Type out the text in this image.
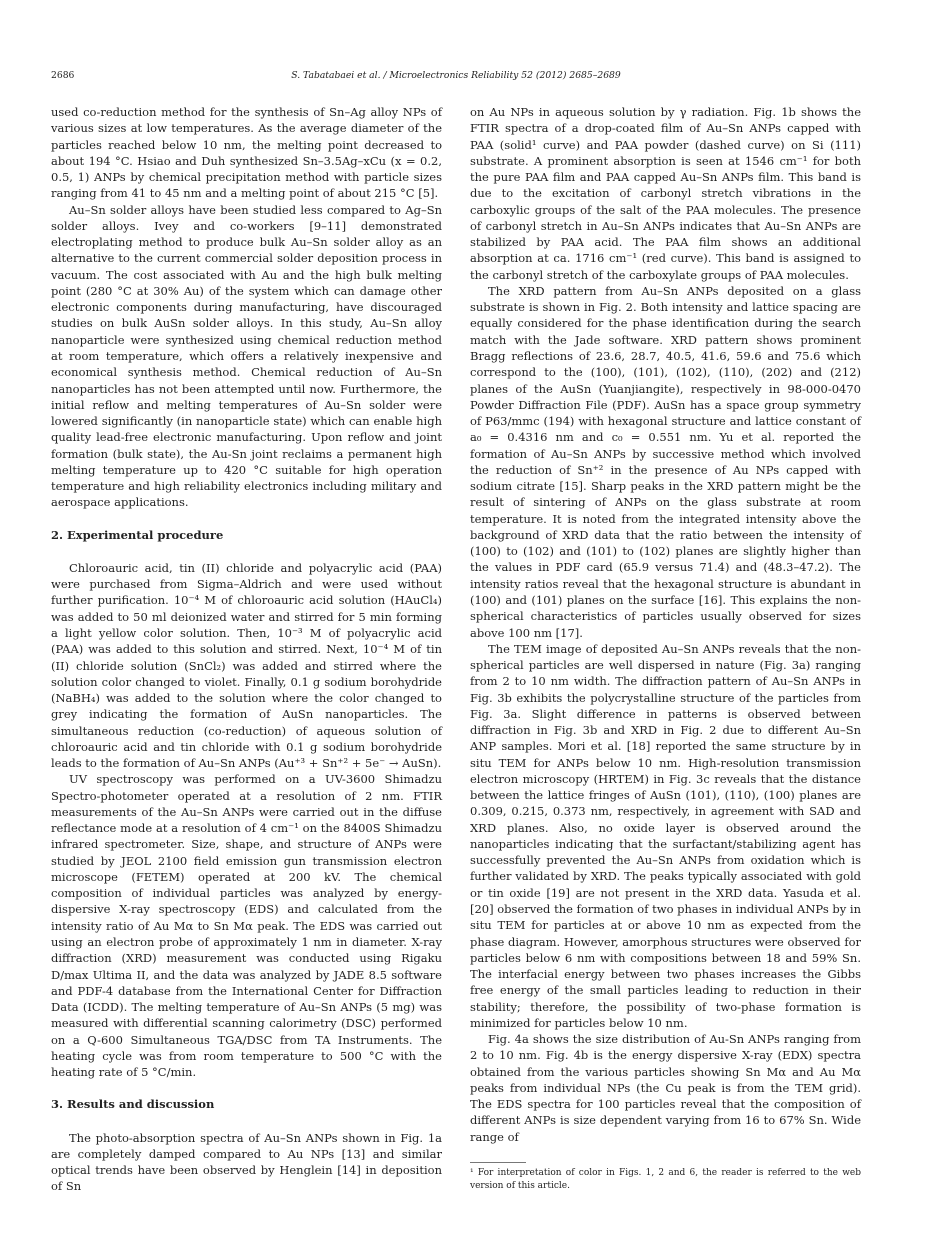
2686	S. Tabatabaei et al. / Microelectronics Reliability 52 (2012) 2685–2689

used co-reduction method for the synthesis of Sn–Ag alloy NPs of various sizes at low temperatures. As the average diameter of the particles reached below 10 nm, the melting point decreased to about 194 °C. Hsiao and Duh synthesized Sn–3.5Ag–xCu (x = 0.2, 0.5, 1) ANPs by chemical precipitation method with particle sizes ranging from 41 to 45 nm and a melting point of about 215 °C [5].

Au–Sn solder alloys have been studied less compared to Ag–Sn solder alloys. Ivey and co-workers [9–11] demonstrated electroplating method to produce bulk Au–Sn solder alloy as an alternative to the current commercial solder deposition process in vacuum. The cost associated with Au and the high bulk melting point (280 °C at 30% Au) of the system which can damage other electronic components during manufacturing, have discouraged studies on bulk AuSn solder alloys. In this study, Au–Sn alloy nanoparticle were synthesized using chemical reduction method at room temperature, which offers a relatively inexpensive and economical synthesis method. Chemical reduction of Au–Sn nanoparticles has not been attempted until now. Furthermore, the initial reflow and melting temperatures of Au–Sn solder were lowered significantly (in nanoparticle state) which can enable high quality lead-free electronic manufacturing. Upon reflow and joint formation (bulk state), the Au-Sn joint reclaims a permanent high melting temperature up to 420 °C suitable for high operation temperature and high reliability electronics including military and aerospace applications.

2. Experimental procedure

Chloroauric acid, tin (II) chloride and polyacrylic acid (PAA) were purchased from Sigma–Aldrich and were used without further purification. 10⁻⁴ M of chloroauric acid solution (HAuCl₄) was added to 50 ml deionized water and stirred for 5 min forming a light yellow color solution. Then, 10⁻³ M of polyacrylic acid (PAA) was added to this solution and stirred. Next, 10⁻⁴ M of tin (II) chloride solution (SnCl₂) was added and stirred where the solution color changed to violet. Finally, 0.1 g sodium borohydride (NaBH₄) was added to the solution where the color changed to grey indicating the formation of AuSn nanoparticles. The simultaneous reduction (co-reduction) of aqueous solution of chloroauric acid and tin chloride with 0.1 g sodium borohydride leads to the formation of Au–Sn ANPs (Au⁺³ + Sn⁺² + 5e⁻ → AuSn).

UV spectroscopy was performed on a UV-3600 Shimadzu Spectro-photometer operated at a resolution of 2 nm. FTIR measurements of the Au–Sn ANPs were carried out in the diffuse reflectance mode at a resolution of 4 cm⁻¹ on the 8400S Shimadzu infrared spectrometer. Size, shape, and structure of ANPs were studied by JEOL 2100 field emission gun transmission electron microscope (FETEM) operated at 200 kV. The chemical composition of individual particles was analyzed by energy-dispersive X-ray spectroscopy (EDS) and calculated from the intensity ratio of Au Mα to Sn Mα peak. The EDS was carried out using an electron probe of approximately 1 nm in diameter. X-ray diffraction (XRD) measurement was conducted using Rigaku D/max Ultima II, and the data was analyzed by JADE 8.5 software and PDF-4 database from the International Center for Diffraction Data (ICDD). The melting temperature of Au–Sn ANPs (5 mg) was measured with differential scanning calorimetry (DSC) performed on a Q-600 Simultaneous TGA/DSC from TA Instruments. The heating cycle was from room temperature to 500 °C with the heating rate of 5 °C/min.

3. Results and discussion

The photo-absorption spectra of Au–Sn ANPs shown in Fig. 1a are completely damped compared to Au NPs [13] and similar optical trends have been observed by Henglein [14] in deposition of Sn

on Au NPs in aqueous solution by γ radiation. Fig. 1b shows the FTIR spectra of a drop-coated film of Au–Sn ANPs capped with PAA (solid¹ curve) and PAA powder (dashed curve) on Si (111) substrate. A prominent absorption is seen at 1546 cm⁻¹ for both the pure PAA film and PAA capped Au–Sn ANPs film. This band is due to the excitation of carbonyl stretch vibrations in the carboxylic groups of the salt of the PAA molecules. The presence of carbonyl stretch in Au–Sn ANPs indicates that Au–Sn ANPs are stabilized by PAA acid. The PAA film shows an additional absorption at ca. 1716 cm⁻¹ (red curve). This band is assigned to the carbonyl stretch of the carboxylate groups of PAA molecules.

The XRD pattern from Au–Sn ANPs deposited on a glass substrate is shown in Fig. 2. Both intensity and lattice spacing are equally considered for the phase identification during the search match with the Jade software. XRD pattern shows prominent Bragg reflections of 23.6, 28.7, 40.5, 41.6, 59.6 and 75.6 which correspond to the (100), (101), (102), (110), (202) and (212) planes of the AuSn (Yuanjiangite), respectively in 98-000-0470 Powder Diffraction File (PDF). AuSn has a space group symmetry of P63/mmc (194) with hexagonal structure and lattice constant of a₀ = 0.4316 nm and c₀ = 0.551 nm. Yu et al. reported the formation of Au–Sn ANPs by successive method which involved the reduction of Sn⁺² in the presence of Au NPs capped with sodium citrate [15]. Sharp peaks in the XRD pattern might be the result of sintering of ANPs on the glass substrate at room temperature. It is noted from the integrated intensity above the background of XRD data that the ratio between the intensity of (100) to (102) and (101) to (102) planes are slightly higher than the values in PDF card (65.9 versus 71.4) and (48.3–47.2). The intensity ratios reveal that the hexagonal structure is abundant in (100) and (101) planes on the surface [16]. This explains the non-spherical characteristics of particles usually observed for sizes above 100 nm [17].

The TEM image of deposited Au–Sn ANPs reveals that the non-spherical particles are well dispersed in nature (Fig. 3a) ranging from 2 to 10 nm width. The diffraction pattern of Au–Sn ANPs in Fig. 3b exhibits the polycrystalline structure of the particles from Fig. 3a. Slight difference in patterns is observed between diffraction in Fig. 3b and XRD in Fig. 2 due to different Au–Sn ANP samples. Mori et al. [18] reported the same structure by in situ TEM for ANPs below 10 nm. High-resolution transmission electron microscopy (HRTEM) in Fig. 3c reveals that the distance between the lattice fringes of AuSn (101), (110), (100) planes are 0.309, 0.215, 0.373 nm, respectively, in agreement with SAD and XRD planes. Also, no oxide layer is observed around the nanoparticles indicating that the surfactant/stabilizing agent has successfully prevented the Au–Sn ANPs from oxidation which is further validated by XRD. The peaks typically associated with gold or tin oxide [19] are not present in the XRD data. Yasuda et al. [20] observed the formation of two phases in individual ANPs by in situ TEM for particles at or above 10 nm as expected from the phase diagram. However, amorphous structures were observed for particles below 6 nm with compositions between 18 and 59% Sn. The interfacial energy between two phases increases the Gibbs free energy of the small particles leading to reduction in their stability; therefore, the possibility of two-phase formation is minimized for particles below 10 nm.

Fig. 4a shows the size distribution of Au-Sn ANPs ranging from 2 to 10 nm. Fig. 4b is the energy dispersive X-ray (EDX) spectra obtained from the various particles showing Sn Mα and Au Mα peaks from individual NPs (the Cu peak is from the TEM grid). The EDS spectra for 100 particles reveal that the composition of different ANPs is size dependent varying from 16 to 67% Sn. Wide range of

¹ For interpretation of color in Figs. 1, 2 and 6, the reader is referred to the web version of this article.
